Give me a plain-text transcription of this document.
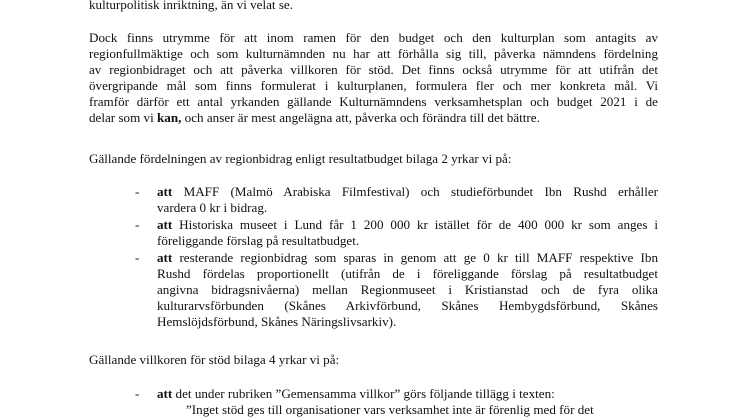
kulturpolitisk inriktning, än vi velat se.

Dock finns utrymme för att inom ramen för den budget och den kulturplan som antagits av

regionfullmäktige och som kulturnämnden nu har att förhålla sig till, påverka nämndens fördelning

av regionbidraget och att påverka villkoren för stöd. Det finns också utrymme för att utifrån det

övergripande mål som finns formulerat i kulturplanen, formulera fler och mer konkreta mål. Vi

framför därför ett antal yrkanden gällande Kulturnämndens verksamhetsplan och budget 2021 i de

delar som vi kan, och anser är mest angelägna att, påverka och förändra till det bättre.

Gällande fördelningen av regionbidrag enligt resultatbudget bilaga 2 yrkar vi på:

- att MAFF (Malmö Arabiska Filmfestival) och studieförbundet Ibn Rushd erhåller

vardera 0 kr i bidrag.

- att Historiska museet i Lund får 1 200 000 kr istället för de 400 000 kr som anges i

föreliggande förslag på resultatbudget.

- att resterande regionbidrag som sparas in genom att ge 0 kr till MAFF respektive Ibn

Rushd fördelas proportionellt (utifrån de i föreliggande förslag på resultatbudget

angivna bidragsnivåerna) mellan Regionmuseet i Kristianstad och de fyra olika

kulturarvsförbunden (Skånes Arkivförbund, Skånes Hembygdsförbund, Skånes

Hemslöjdsförbund, Skånes Näringslivsarkiv).

Gällande villkoren för stöd bilaga 4 yrkar vi på:

- att det under rubriken ”Gemensamma villkor” görs följande tillägg i texten:

”Inget stöd ges till organisationer vars verksamhet inte är förenlig med för det
